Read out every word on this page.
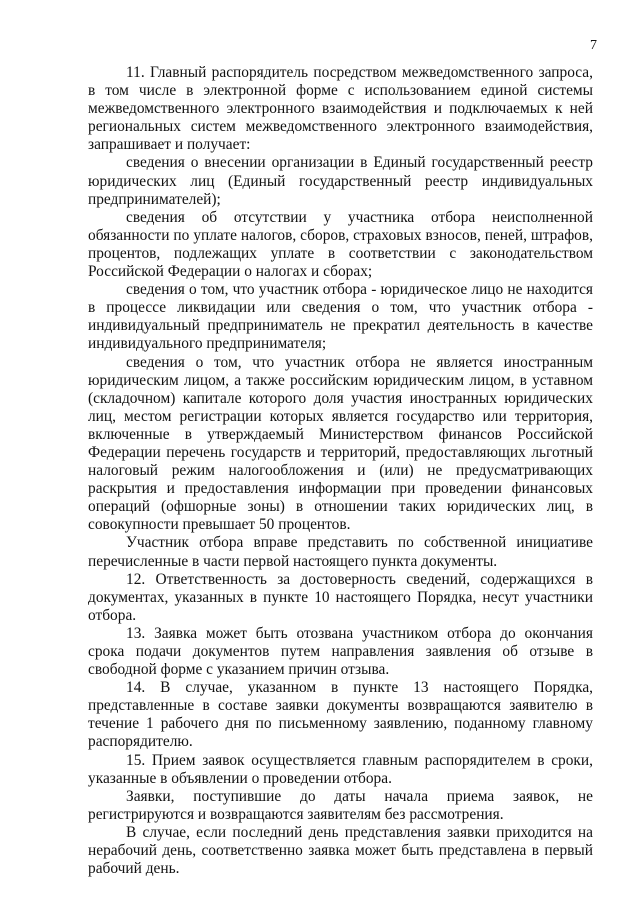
7

11. Главный распорядитель посредством межведомственного запроса, в том числе в электронной форме с использованием единой системы межведомственного электронного взаимодействия и подключаемых к ней региональных систем межведомственного электронного взаимодействия, запрашивает и получает:

сведения о внесении организации в Единый государственный реестр юридических лиц (Единый государственный реестр индивидуальных предпринимателей);

сведения об отсутствии у участника отбора неисполненной обязанности по уплате налогов, сборов, страховых взносов, пеней, штрафов, процентов, подлежащих уплате в соответствии с законодательством Российской Федерации о налогах и сборах;

сведения о том, что участник отбора - юридическое лицо не находится в процессе ликвидации или сведения о том, что участник отбора - индивидуальный предприниматель не прекратил деятельность в качестве индивидуального предпринимателя;

сведения о том, что участник отбора не является иностранным юридическим лицом, а также российским юридическим лицом, в уставном (складочном) капитале которого доля участия иностранных юридических лиц, местом регистрации которых является государство или территория, включенные в утверждаемый Министерством финансов Российской Федерации перечень государств и территорий, предоставляющих льготный налоговый режим налогообложения и (или) не предусматривающих раскрытия и предоставления информации при проведении финансовых операций (офшорные зоны) в отношении таких юридических лиц, в совокупности превышает 50 процентов.

Участник отбора вправе представить по собственной инициативе перечисленные в части первой настоящего пункта документы.

12. Ответственность за достоверность сведений, содержащихся в документах, указанных в пункте 10 настоящего Порядка, несут участники отбора.

13. Заявка может быть отозвана участником отбора до окончания срока подачи документов путем направления заявления об отзыве в свободной форме с указанием причин отзыва.

14. В случае, указанном в пункте 13 настоящего Порядка, представленные в составе заявки документы возвращаются заявителю в течение 1 рабочего дня по письменному заявлению, поданному главному распорядителю.

15. Прием заявок осуществляется главным распорядителем в сроки, указанные в объявлении о проведении отбора.

Заявки, поступившие до даты начала приема заявок, не регистрируются и возвращаются заявителям без рассмотрения.

В случае, если последний день представления заявки приходится на нерабочий день, соответственно заявка может быть представлена в первый рабочий день.
